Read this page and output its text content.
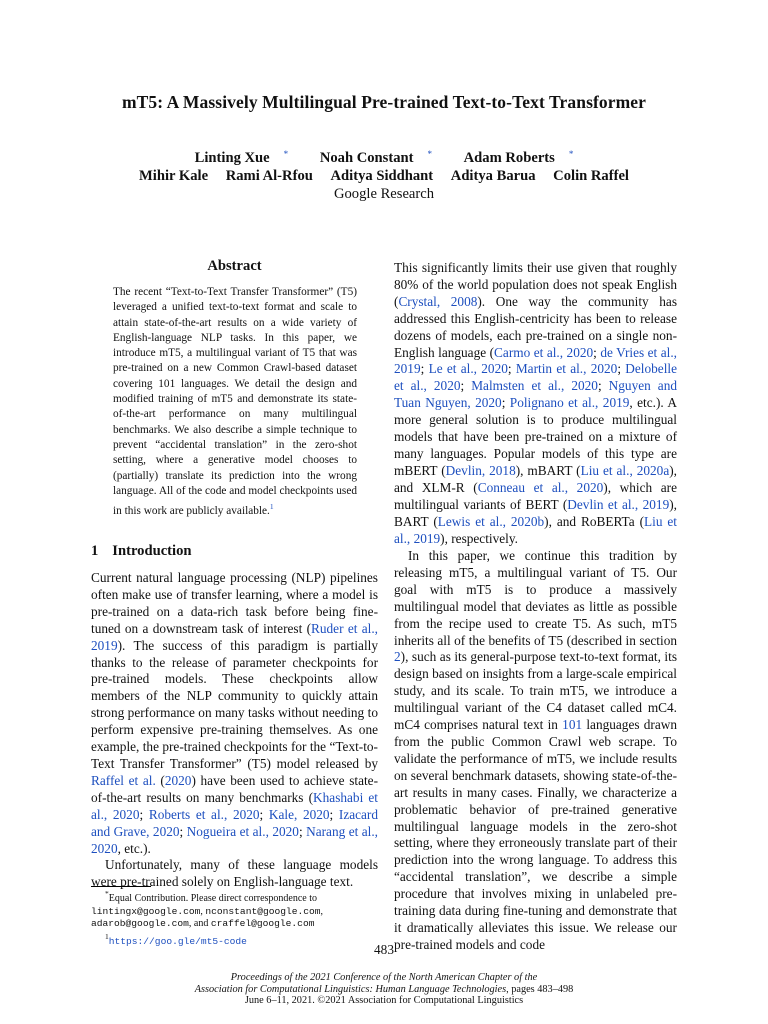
mT5: A Massively Multilingual Pre-trained Text-to-Text Transformer
Linting Xue * Noah Constant * Adam Roberts *
Mihir Kale Rami Al-Rfou Aditya Siddhant Aditya Barua Colin Raffel
Google Research
Abstract
The recent “Text-to-Text Transfer Transformer” (T5) leveraged a unified text-to-text format and scale to attain state-of-the-art results on a wide variety of English-language NLP tasks. In this paper, we introduce mT5, a multilingual variant of T5 that was pre-trained on a new Common Crawl-based dataset covering 101 languages. We detail the design and modified training of mT5 and demonstrate its state-of-the-art performance on many multilingual benchmarks. We also describe a simple technique to prevent “accidental translation” in the zero-shot setting, where a generative model chooses to (partially) translate its prediction into the wrong language. All of the code and model checkpoints used in this work are publicly available.$^1$
1 Introduction
Current natural language processing (NLP) pipelines often make use of transfer learning, where a model is pre-trained on a data-rich task before being fine-tuned on a downstream task of interest (Ruder et al., 2019). The success of this paradigm is partially thanks to the release of parameter checkpoints for pre-trained models. These checkpoints allow members of the NLP community to quickly attain strong performance on many tasks without needing to perform expensive pre-training themselves. As one example, the pre-trained checkpoints for the “Text-to-Text Transfer Transformer” (T5) model released by Raffel et al. (2020) have been used to achieve state-of-the-art results on many benchmarks (Khashabi et al., 2020; Roberts et al., 2020; Kale, 2020; Izacard and Grave, 2020; Nogueira et al., 2020; Narang et al., 2020, etc.).
Unfortunately, many of these language models were pre-trained solely on English-language text.
This significantly limits their use given that roughly 80% of the world population does not speak English (Crystal, 2008). One way the community has addressed this English-centricity has been to release dozens of models, each pre-trained on a single non-English language (Carmo et al., 2020; de Vries et al., 2019; Le et al., 2020; Martin et al., 2020; Delobelle et al., 2020; Malmsten et al., 2020; Nguyen and Tuan Nguyen, 2020; Polignano et al., 2019, etc.). A more general solution is to produce multilingual models that have been pre-trained on a mixture of many languages. Popular models of this type are mBERT (Devlin, 2018), mBART (Liu et al., 2020a), and XLM-R (Conneau et al., 2020), which are multilingual variants of BERT (Devlin et al., 2019), BART (Lewis et al., 2020b), and RoBERTa (Liu et al., 2019), respectively.
In this paper, we continue this tradition by releasing mT5, a multilingual variant of T5. Our goal with mT5 is to produce a massively multilingual model that deviates as little as possible from the recipe used to create T5. As such, mT5 inherits all of the benefits of T5 (described in section 2), such as its general-purpose text-to-text format, its design based on insights from a large-scale empirical study, and its scale. To train mT5, we introduce a multilingual variant of the C4 dataset called mC4. mC4 comprises natural text in 101 languages drawn from the public Common Crawl web scrape. To validate the performance of mT5, we include results on several benchmark datasets, showing state-of-the-art results in many cases. Finally, we characterize a problematic behavior of pre-trained generative multilingual language models in the zero-shot setting, where they erroneously translate part of their prediction into the wrong language. To address this “accidental translation”, we describe a simple procedure that involves mixing in unlabeled pre-training data during fine-tuning and demonstrate that it dramatically alleviates this issue. We release our pre-trained models and code
*Equal Contribution. Please direct correspondence to lintingx@google.com, nconstant@google.com, adarob@google.com, and craffel@google.com
$^1$https://goo.gle/mt5-code
483
Proceedings of the 2021 Conference of the North American Chapter of the
Association for Computational Linguistics: Human Language Technologies, pages 483–498
June 6–11, 2021. ©2021 Association for Computational Linguistics
